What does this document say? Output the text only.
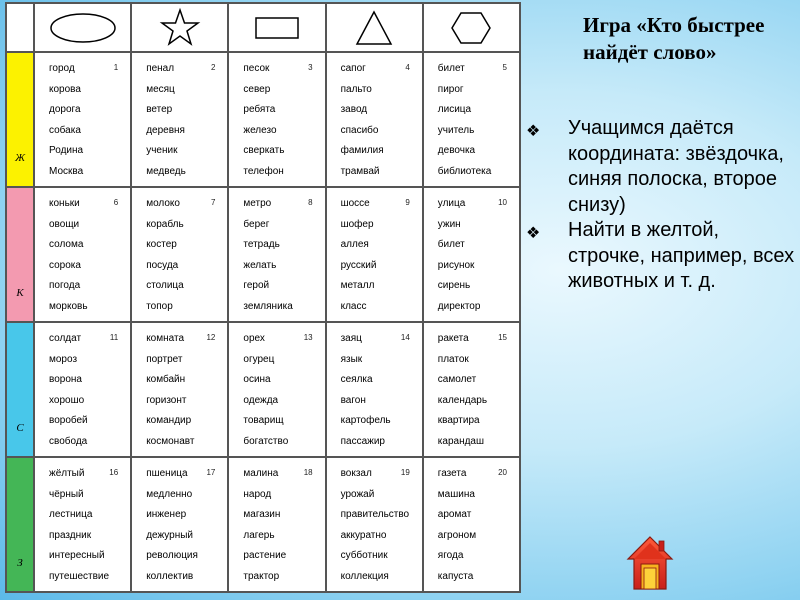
Ж
1
город
корова
дорога
собака
Родина
Москва
2
пенал
месяц
ветер
деревня
ученик
медведь
3
песок
север
ребята
железо
сверкать
телефон
4
сапог
пальто
завод
спасибо
фамилия
трамвай
5
билет
пирог
лисица
учитель
девочка
библиотека
К
6
коньки
овощи
солома
сорока
погода
морковь
7
молоко
корабль
костер
посуда
столица
топор
8
метро
берег
тетрадь
желать
герой
земляника
9
шоссе
шофер
аллея
русский
металл
класс
10
улица
ужин
билет
рисунок
сирень
директор
С
11
солдат
мороз
ворона
хорошо
воробей
свобода
12
комната
портрет
комбайн
горизонт
командир
космонавт
13
орех
огурец
осина
одежда
товарищ
богатство
14
заяц
язык
сеялка
вагон
картофель
пассажир
15
ракета
платок
самолет
календарь
квартира
карандаш
З
16
жёлтый
чёрный
лестница
праздник
интересный
путешествие
17
пшеница
медленно
инженер
дежурный
революция
коллектив
18
малина
народ
магазин
лагерь
растение
трактор
19
вокзал
урожай
правительство
аккуратно
субботник
коллекция
20
газета
машина
аромат
агроном
ягода
капуста
Игра «Кто быстрее найдёт слово»
❖ Учащимся даётся координата: звёздочка, синяя полоска, второе снизу)
❖ Найти в желтой, строчке, например, всех животных и т. д.
